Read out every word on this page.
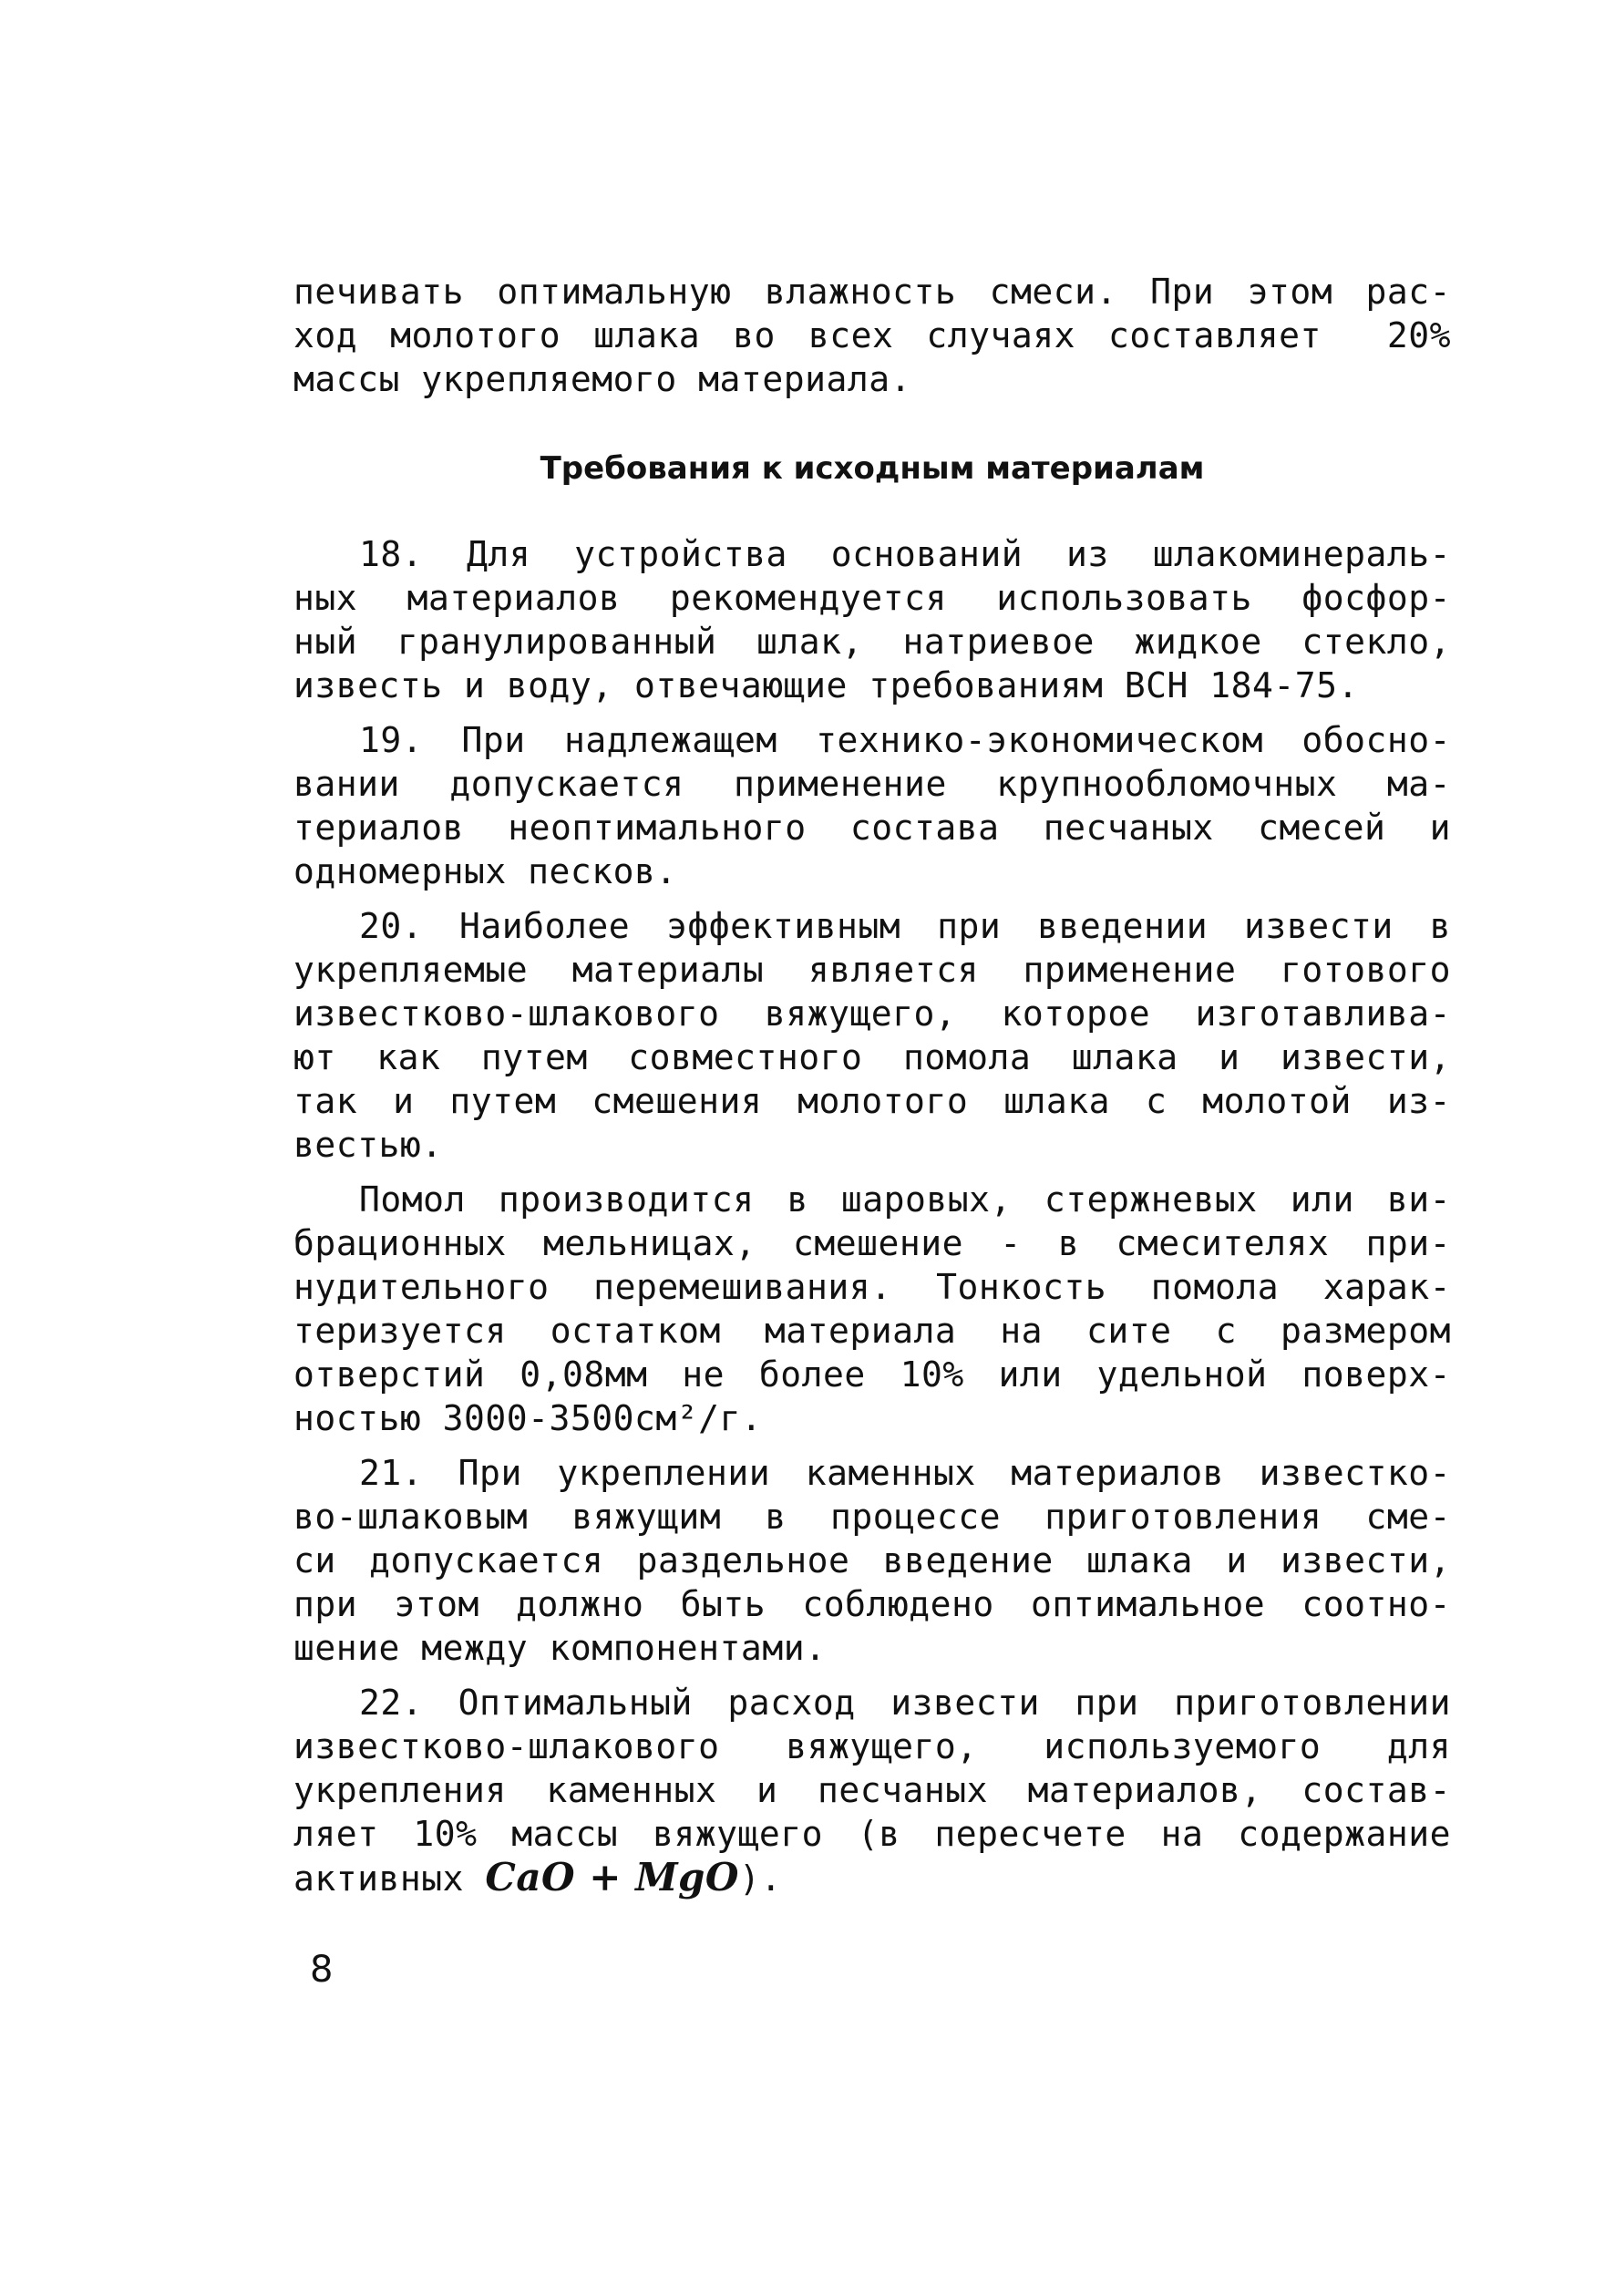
печивать оптимальную влажность смеси. При этом рас-
ход молотого шлака во всех случаях составляет  20%
массы укрепляемого материала.
Требования к исходным материалам
18. Для устройства оснований из шлакоминераль-
ных материалов рекомендуется использовать фосфор-
ный гранулированный шлак, натриевое жидкое стекло,
известь и воду, отвечающие требованиям ВСН 184-75.
19. При надлежащем технико-экономическом обосно-
вании допускается применение крупнообломочных ма-
териалов неоптимального состава песчаных смесей и
одномерных песков.
20. Наиболее эффективным при введении извести в
укрепляемые материалы является применение готового
известково-шлакового вяжущего, которое изготавлива-
ют как путем совместного помола шлака и извести,
так и путем смешения молотого шлака с молотой из-
вестью.
Помол производится в шаровых, стержневых или ви-
брационных мельницах, смешение - в смесителях при-
нудительного перемешивания. Тонкость помола харак-
теризуется остатком материала на сите с размером
отверстий 0,08мм не более 10% или удельной поверх-
ностью 3000-3500см²/г.
21. При укреплении каменных материалов известко-
во-шлаковым вяжущим в процессе приготовления сме-
си допускается раздельное введение шлака и извести,
при этом должно быть соблюдено оптимальное соотно-
шение между компонентами.
22. Оптимальный расход извести при приготовлении
известково-шлакового вяжущего, используемого для
укрепления каменных и песчаных материалов, состав-
ляет 10% массы вяжущего (в пересчете на содержание
активных CaO + MgO).
8
